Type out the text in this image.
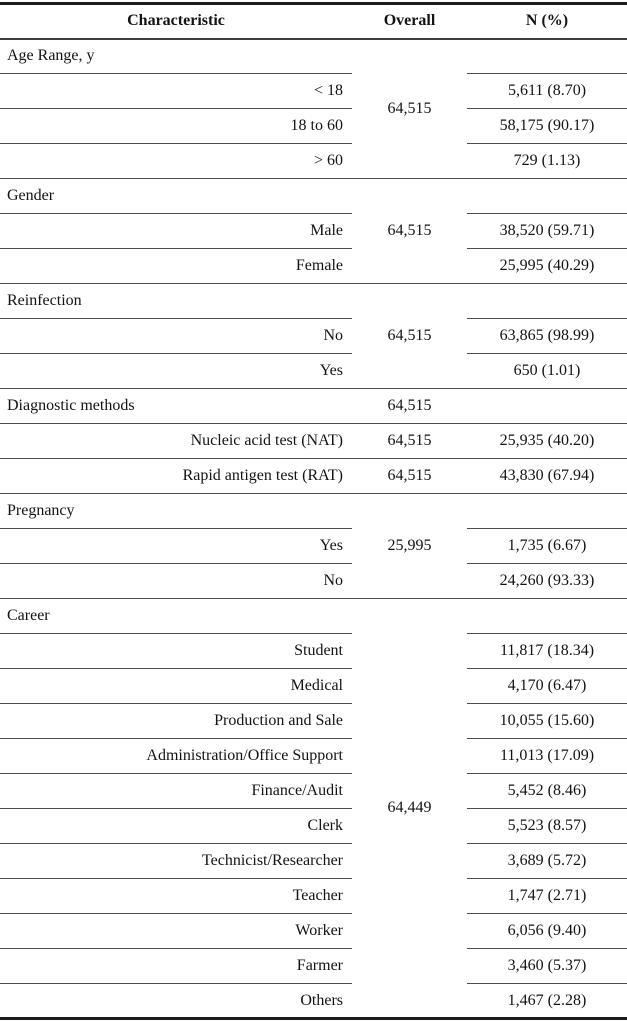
Characteristic	Overall	N (%)
Age Range, y	64,515	
< 18		5,611 (8.70)
18 to 60		58,175 (90.17)
> 60		729 (1.13)
Gender	64,515	
Male		38,520 (59.71)
Female		25,995 (40.29)
Reinfection	64,515	
No		63,865 (98.99)
Yes		650 (1.01)
Diagnostic methods	64,515	
Nucleic acid test (NAT)	64,515	25,935 (40.20)
Rapid antigen test (RAT)	64,515	43,830 (67.94)
Pregnancy	25,995	
Yes		1,735 (6.67)
No		24,260 (93.33)
Career	64,449	
Student		11,817 (18.34)
Medical		4,170 (6.47)
Production and Sale		10,055 (15.60)
Administration/Office Support		11,013 (17.09)
Finance/Audit		5,452 (8.46)
Clerk		5,523 (8.57)
Technicist/Researcher		3,689 (5.72)
Teacher		1,747 (2.71)
Worker		6,056 (9.40)
Farmer		3,460 (5.37)
Others		1,467 (2.28)
